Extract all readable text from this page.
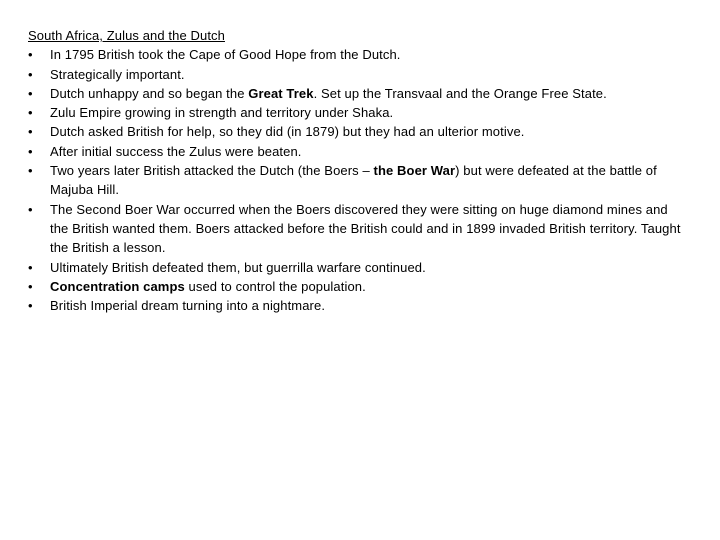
South Africa, Zulus and the Dutch

• In 1795 British took the Cape of Good Hope from the Dutch.
• Strategically important.
• Dutch unhappy and so began the Great Trek. Set up the Transvaal and the Orange Free State.
• Zulu Empire growing in strength and territory under Shaka.
• Dutch asked British for help, so they did (in 1879) but they had an ulterior motive.
• After initial success the Zulus were beaten.
• Two years later British attacked the Dutch (the Boers – the Boer War) but were defeated at the battle of Majuba Hill.
• The Second Boer War occurred when the Boers discovered they were sitting on huge diamond mines and the British wanted them. Boers attacked before the British could and in 1899 invaded British territory. Taught the British a lesson.
• Ultimately British defeated them, but guerrilla warfare continued.
• Concentration camps used to control the population.
• British Imperial dream turning into a nightmare.
